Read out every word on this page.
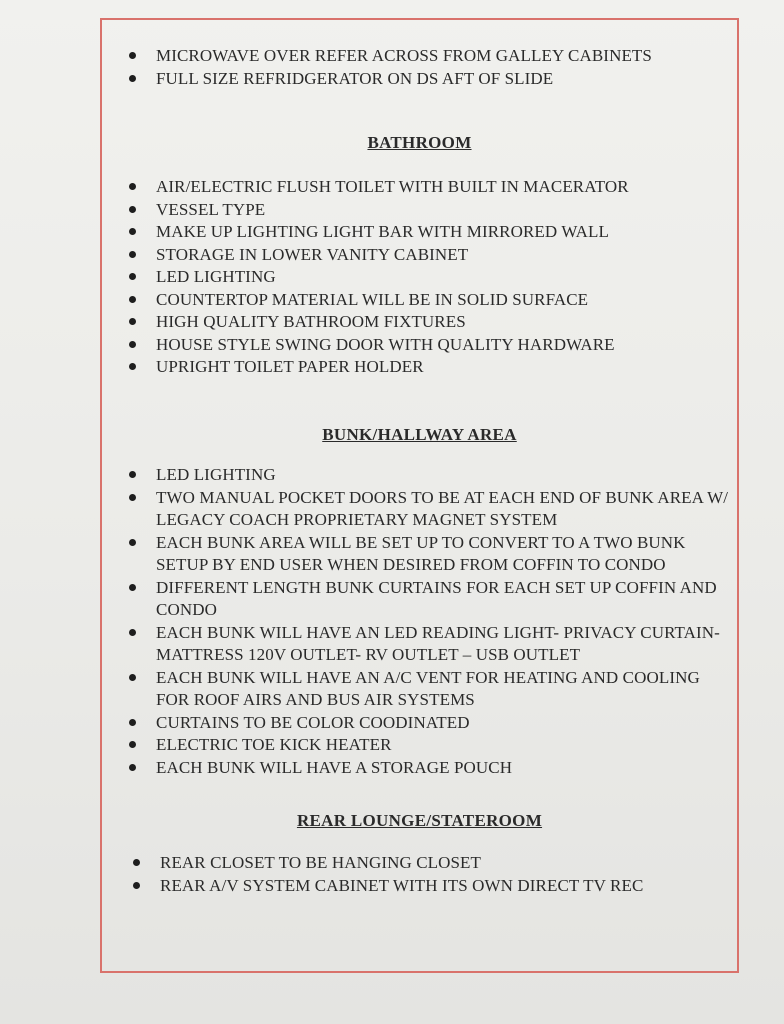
MICROWAVE OVER REFER ACROSS FROM GALLEY CABINETS
FULL SIZE REFRIDGERATOR ON DS AFT OF SLIDE
BATHROOM
AIR/ELECTRIC FLUSH TOILET WITH BUILT IN MACERATOR
VESSEL TYPE
MAKE UP LIGHTING LIGHT BAR WITH MIRRORED WALL
STORAGE IN LOWER VANITY CABINET
LED LIGHTING
COUNTERTOP MATERIAL WILL BE IN SOLID SURFACE
HIGH QUALITY BATHROOM FIXTURES
HOUSE STYLE SWING DOOR WITH QUALITY HARDWARE
UPRIGHT TOILET PAPER HOLDER
BUNK/HALLWAY AREA
LED LIGHTING
TWO MANUAL POCKET DOORS TO BE AT EACH END OF BUNK AREA W/ LEGACY COACH PROPRIETARY MAGNET SYSTEM
EACH BUNK AREA WILL BE SET UP TO CONVERT TO A TWO BUNK SETUP BY END USER WHEN DESIRED FROM COFFIN TO CONDO
DIFFERENT LENGTH BUNK CURTAINS FOR EACH SET UP COFFIN AND CONDO
EACH BUNK WILL HAVE AN LED READING LIGHT- PRIVACY CURTAIN- MATTRESS 120V OUTLET- RV OUTLET – USB OUTLET
EACH BUNK WILL HAVE AN A/C VENT FOR HEATING AND COOLING FOR ROOF AIRS AND BUS AIR SYSTEMS
CURTAINS TO BE COLOR COODINATED
ELECTRIC TOE KICK HEATER
EACH BUNK WILL HAVE A STORAGE POUCH
REAR LOUNGE/STATEROOM
REAR CLOSET TO BE HANGING CLOSET
REAR A/V SYSTEM CABINET WITH ITS OWN DIRECT TV REC
